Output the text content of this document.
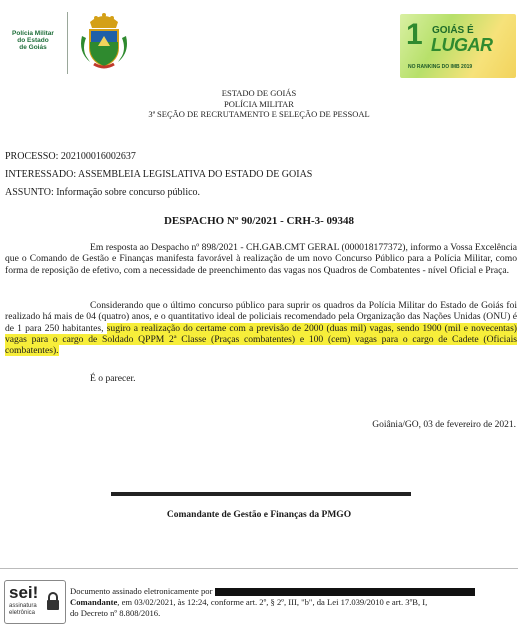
Polícia Militar
do Estado
de Goiás	1 GOIÁS É
LUGAR
NO RANKING DO IMB 2019
ESTADO DE GOIÁS
POLÍCIA MILITAR
3ª SEÇÃO DE RECRUTAMENTO E SELEÇÃO DE PESSOAL
PROCESSO: 202100016002637
INTERESSADO: ASSEMBLEIA LEGISLATIVA DO ESTADO DE GOIAS
ASSUNTO: Informação sobre concurso público.
DESPACHO Nº 90/2021 - CRH-3- 09348
Em resposta ao Despacho nº 898/2021 - CH.GAB.CMT GERAL (000018177372), informo a Vossa Excelência que o Comando de Gestão e Finanças manifesta favorável à realização de um novo Concurso Público para a Polícia Militar, como forma de reposição de efetivo, com a necessidade de preenchimento das vagas nos Quadros de Combatentes - nível Oficial e Praça.
Considerando que o último concurso público para suprir os quadros da Polícia Militar do Estado de Goiás foi realizado há mais de 04 (quatro) anos, e o quantitativo ideal de policiais recomendado pela Organização das Nações Unidas (ONU) é de 1 para 250 habitantes, sugiro a realização do certame com a previsão de 2000 (duas mil) vagas, sendo 1900 (mil e novecentas) vagas para o cargo de Soldado QPPM 2ª Classe (Praças combatentes) e 100 (cem) vagas para o cargo de Cadete (Oficiais combatentes).
É o parecer.
Goiânia/GO, 03 de fevereiro de 2021.
Comandante de Gestão e Finanças da PMGO
sei!
assinatura
eletrônica
Documento assinado eletronicamente por
Comandante, em 03/02/2021, às 12:24, conforme art. 2º, § 2º, III, "b", da Lei 17.039/2010 e art. 3ºB, I,
do Decreto nº 8.808/2016.
